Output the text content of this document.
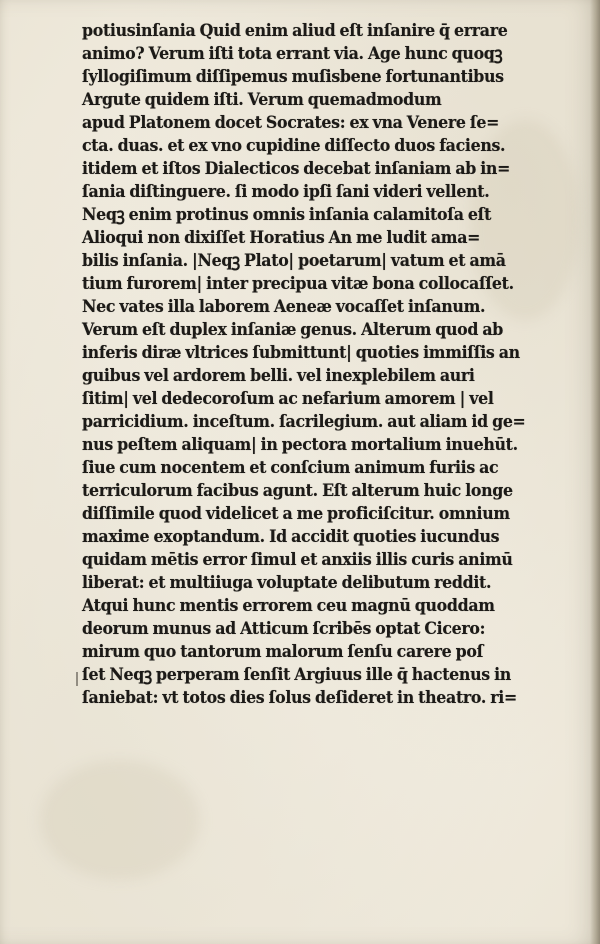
potiusinſania Quid enim aliud eſt inſanire q̄ errare
animo? Verum iſti tota errant via. Age hunc quoqꝫ
ſyllogiſimum diſſipemus muſisbene fortunantibus
Argute quidem iſti. Verum quemadmodum
apud Platonem docet Socrates: ex vna Venere ſe=
cta. duas. et ex vno cupidine diſſecto duos faciens.
itidem et iſtos Dialecticos decebat inſaniam ab in=
ſania diſtinguere. ſi modo ipſi ſani videri vellent.
Neqꝫ enim protinus omnis inſania calamitoſa eſt
Alioqui non dixiſſet Horatius An me ludit ama=
bilis inſania. |Neqꝫ Plato| poetarum| vatum et amā
tium furorem| inter precipua vitæ bona collocaſſet.
Nec vates illa laborem Aeneæ vocaſſet inſanum.
Verum eſt duplex inſaniæ genus. Alterum quod ab
inferis diræ vltrices ſubmittunt| quoties immiſſis an
guibus vel ardorem belli. vel inexplebilem auri
ſitim| vel dedecoroſum ac nefarium amorem | vel
parricidium. inceſtum. ſacrilegium. aut aliam id ge=
nus peſtem aliquam| in pectora mortalium inuehūt.
ſiue cum nocentem et conſcium animum furiis ac
terriculorum facibus agunt. Eſt alterum huic longe
diſſimile quod videlicet a me proficiſcitur. omnium
maxime exoptandum. Id accidit quoties iucundus
quidam mētis error ſimul et anxiis illis curis animū
liberat: et multiiuga voluptate delibutum reddit.
Atqui hunc mentis errorem ceu magnū quoddam
deorum munus ad Atticum ſcribēs optat Cicero:
mirum quo tantorum malorum ſenſu carere poſ
ſet Neqꝫ perperam ſenſit Argiuus ille q̄ hactenus in
ſaniebat: vt totos dies ſolus deſideret in theatro. ri=
